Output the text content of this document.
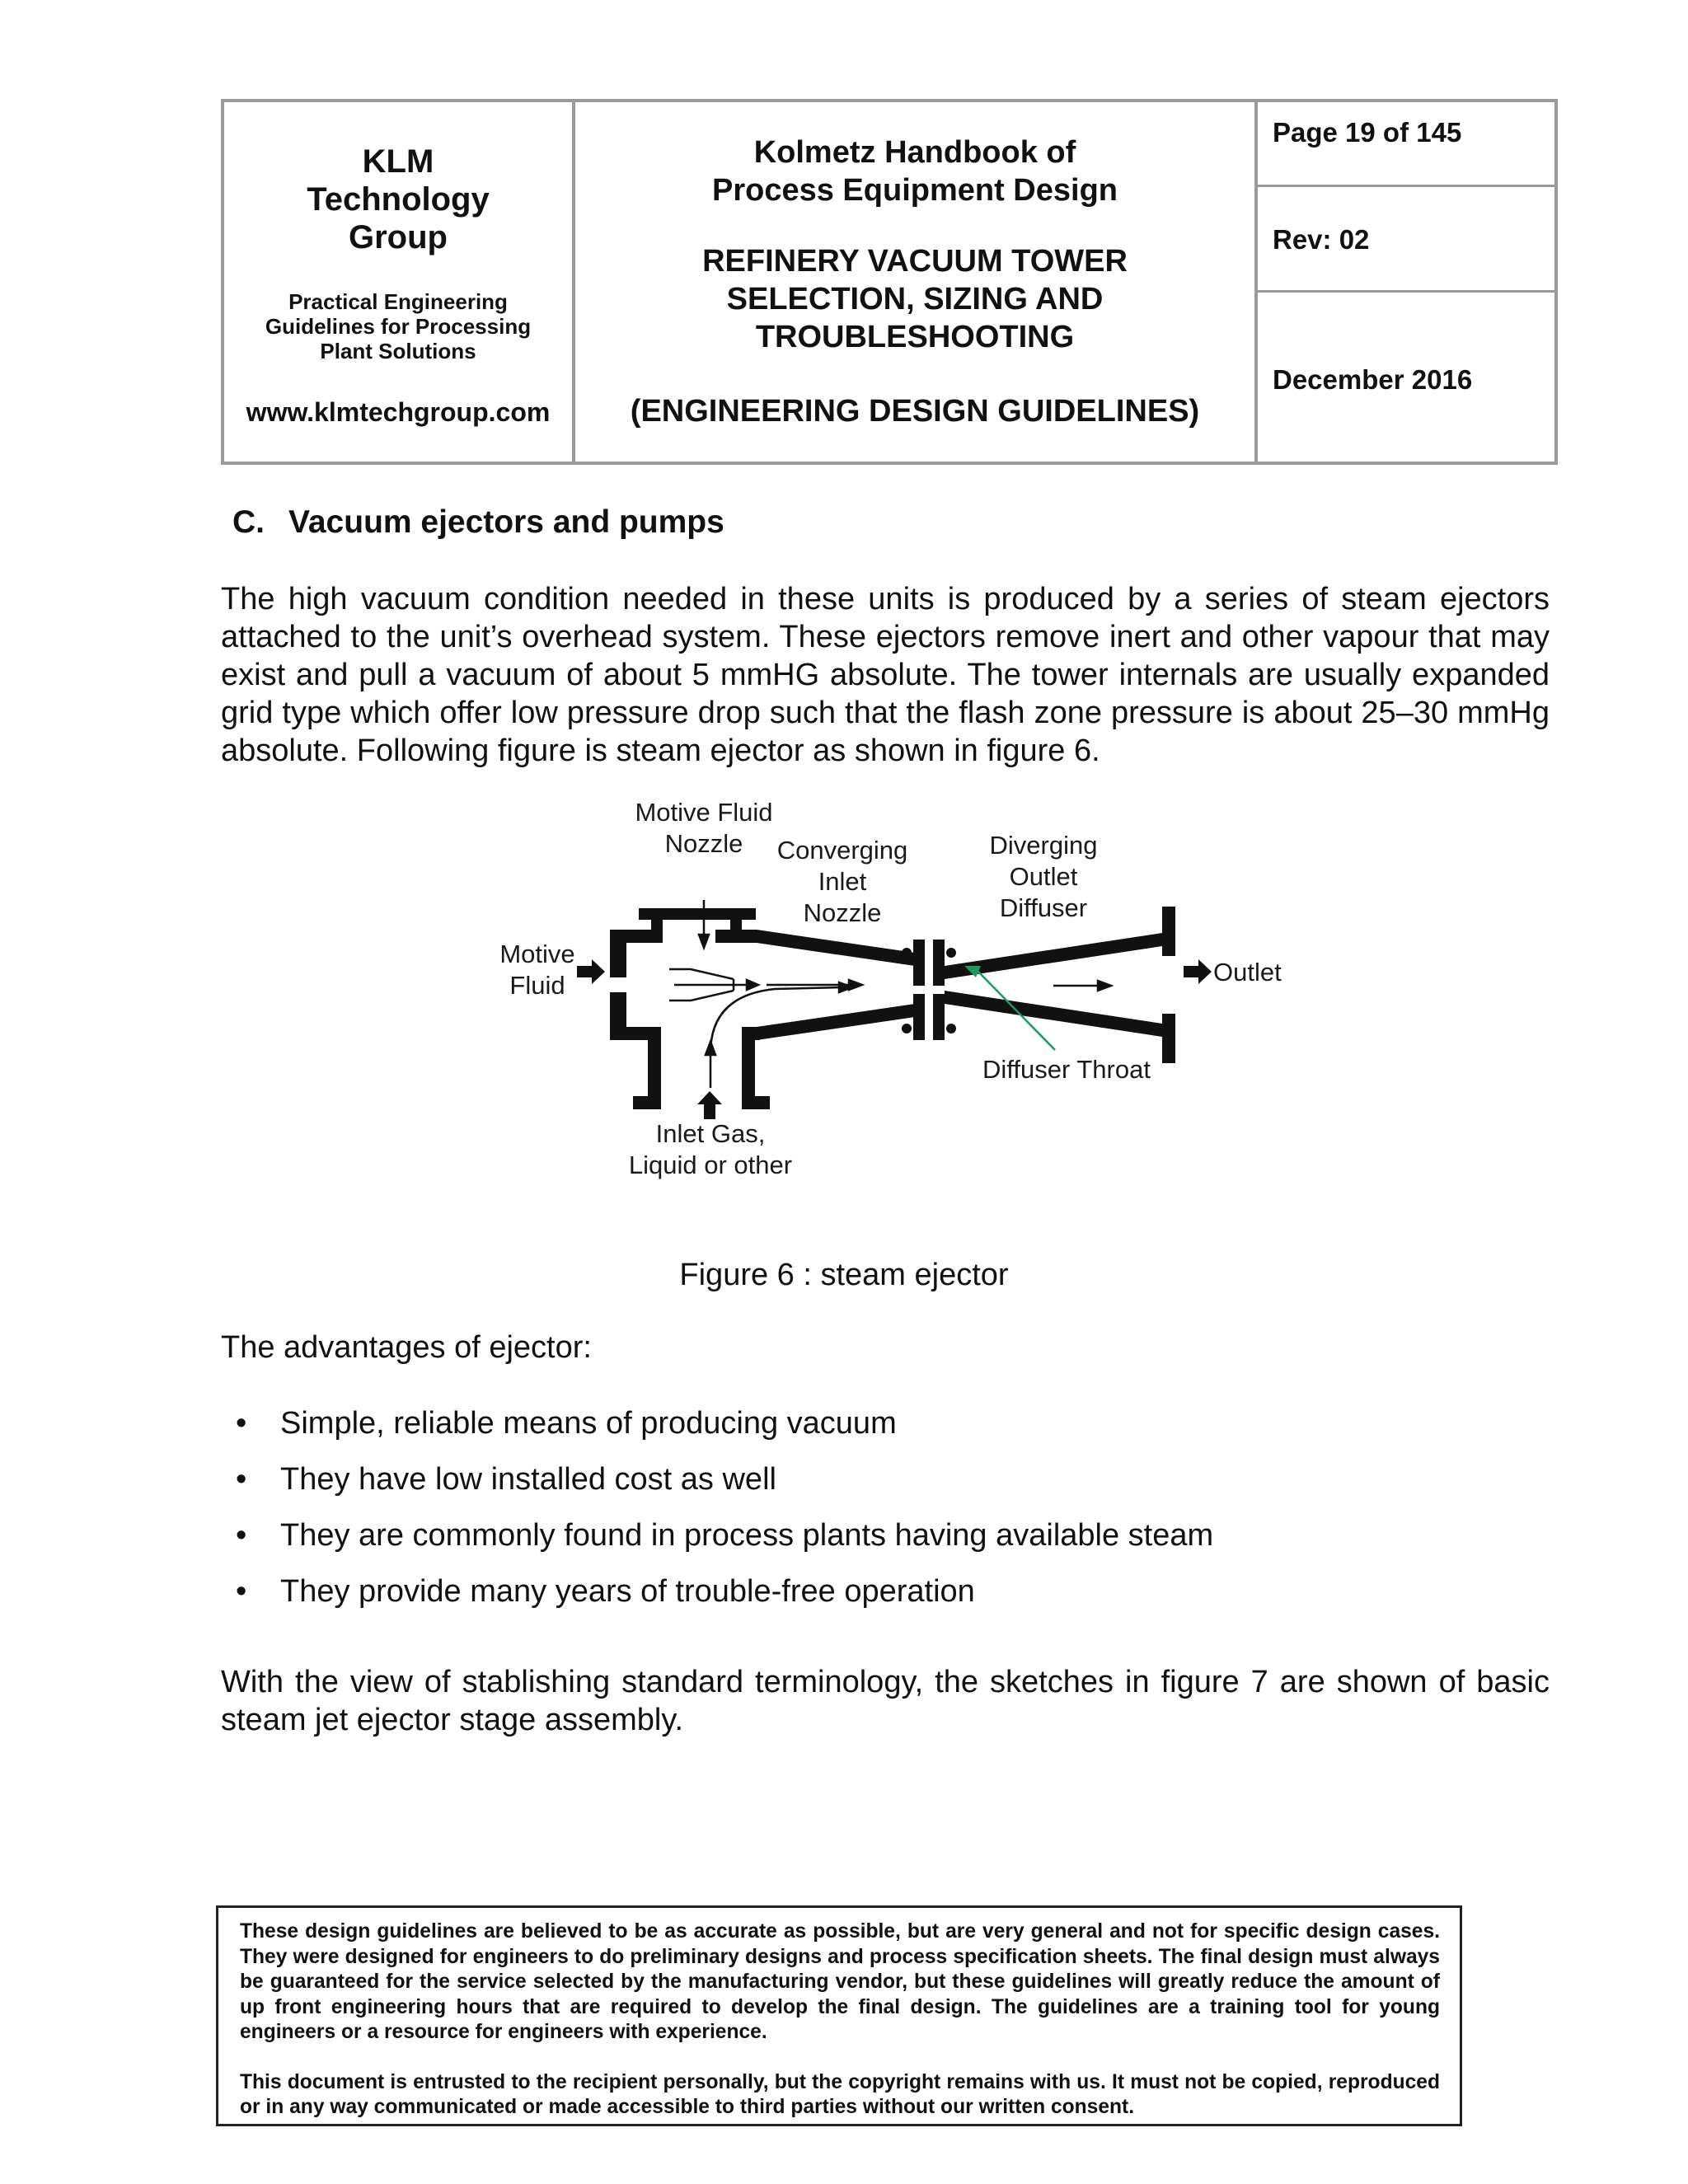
KLM Technology Group
Practical Engineering
Guidelines for Processing
Plant Solutions
www.klmtechgroup.com

Kolmetz Handbook of
Process Equipment Design
REFINERY VACUUM TOWER
SELECTION, SIZING AND
TROUBLESHOOTING
(ENGINEERING DESIGN GUIDELINES)

Page 19 of 145
Rev: 02
December 2016
C. Vacuum ejectors and pumps
The high vacuum condition needed in these units is produced by a series of steam ejectors attached to the unit’s overhead system. These ejectors remove inert and other vapour that may exist and pull a vacuum of about 5 mmHG absolute. The tower internals are usually expanded grid type which offer low pressure drop such that the flash zone pressure is about 25–30 mmHg absolute. Following figure is steam ejector as shown in figure 6.
Motive Fluid
Nozzle Converging
Inlet
Nozzle
Diverging
Outlet
Diffuser
Motive
Fluid	Outlet
Diffuser Throat
Inlet Gas,
Liquid or other
Figure 6 : steam ejector
The advantages of ejector:
• Simple, reliable means of producing vacuum
• They have low installed cost as well
• They are commonly found in process plants having available steam
• They provide many years of trouble-free operation
With the view of stablishing standard terminology, the sketches in figure 7 are shown of basic steam jet ejector stage assembly.

These design guidelines are believed to be as accurate as possible, but are very general and not for specific design cases. They were designed for engineers to do preliminary designs and process specification sheets. The final design must always be guaranteed for the service selected by the manufacturing vendor, but these guidelines will greatly reduce the amount of up front engineering hours that are required to develop the final design. The guidelines are a training tool for young engineers or a resource for engineers with experience.

This document is entrusted to the recipient personally, but the copyright remains with us. It must not be copied, reproduced or in any way communicated or made accessible to third parties without our written consent.
